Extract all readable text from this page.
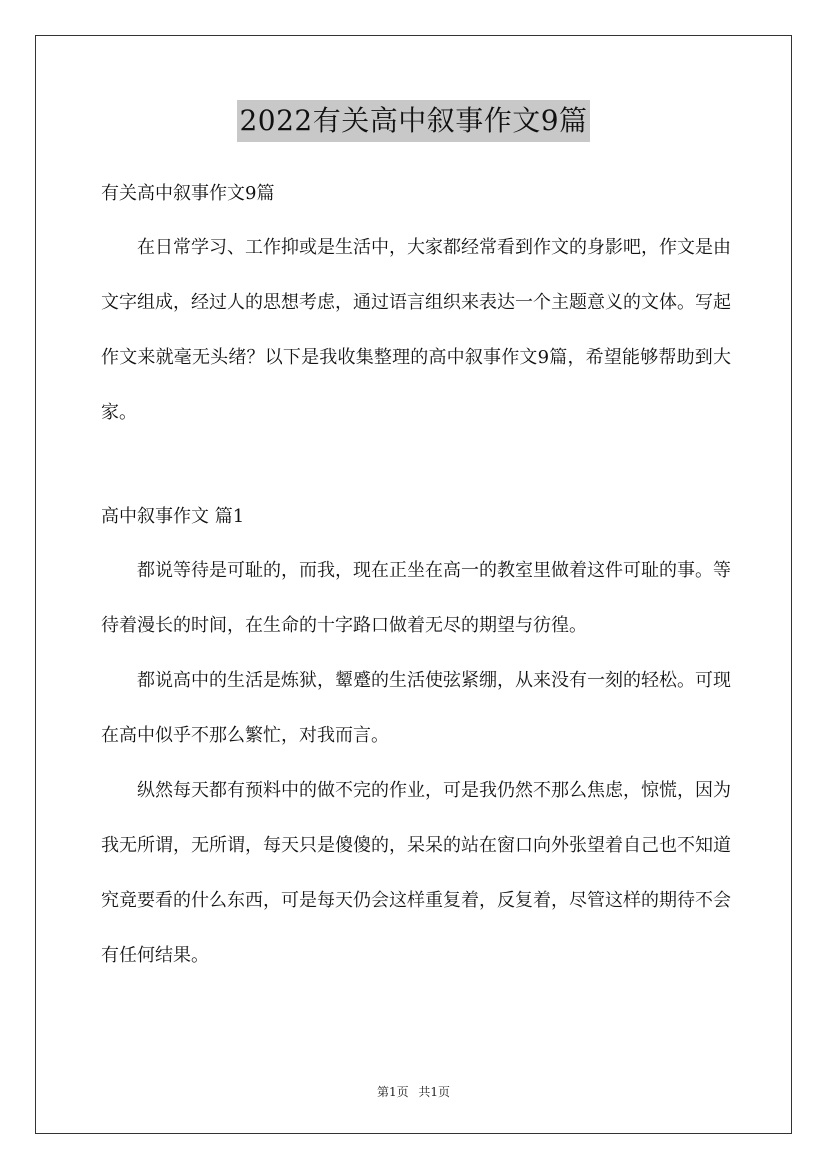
2022有关高中叙事作文9篇
有关高中叙事作文9篇

在日常学习、工作抑或是生活中，大家都经常看到作文的身影吧，作文是由文字组成，经过人的思想考虑，通过语言组织来表达一个主题意义的文体。写起作文来就毫无头绪？以下是我收集整理的高中叙事作文9篇，希望能够帮助到大家。

高中叙事作文 篇1

都说等待是可耻的，而我，现在正坐在高一的教室里做着这件可耻的事。等待着漫长的时间，在生命的十字路口做着无尽的期望与彷徨。

都说高中的生活是炼狱，颦蹙的生活使弦紧绷，从来没有一刻的轻松。可现在高中似乎不那么繁忙，对我而言。

纵然每天都有预料中的做不完的作业，可是我仍然不那么焦虑，惊慌，因为我无所谓，无所谓，每天只是傻傻的，呆呆的站在窗口向外张望着自己也不知道究竟要看的什么东西，可是每天仍会这样重复着，反复着，尽管这样的期待不会有任何结果。

第1页 共1页
